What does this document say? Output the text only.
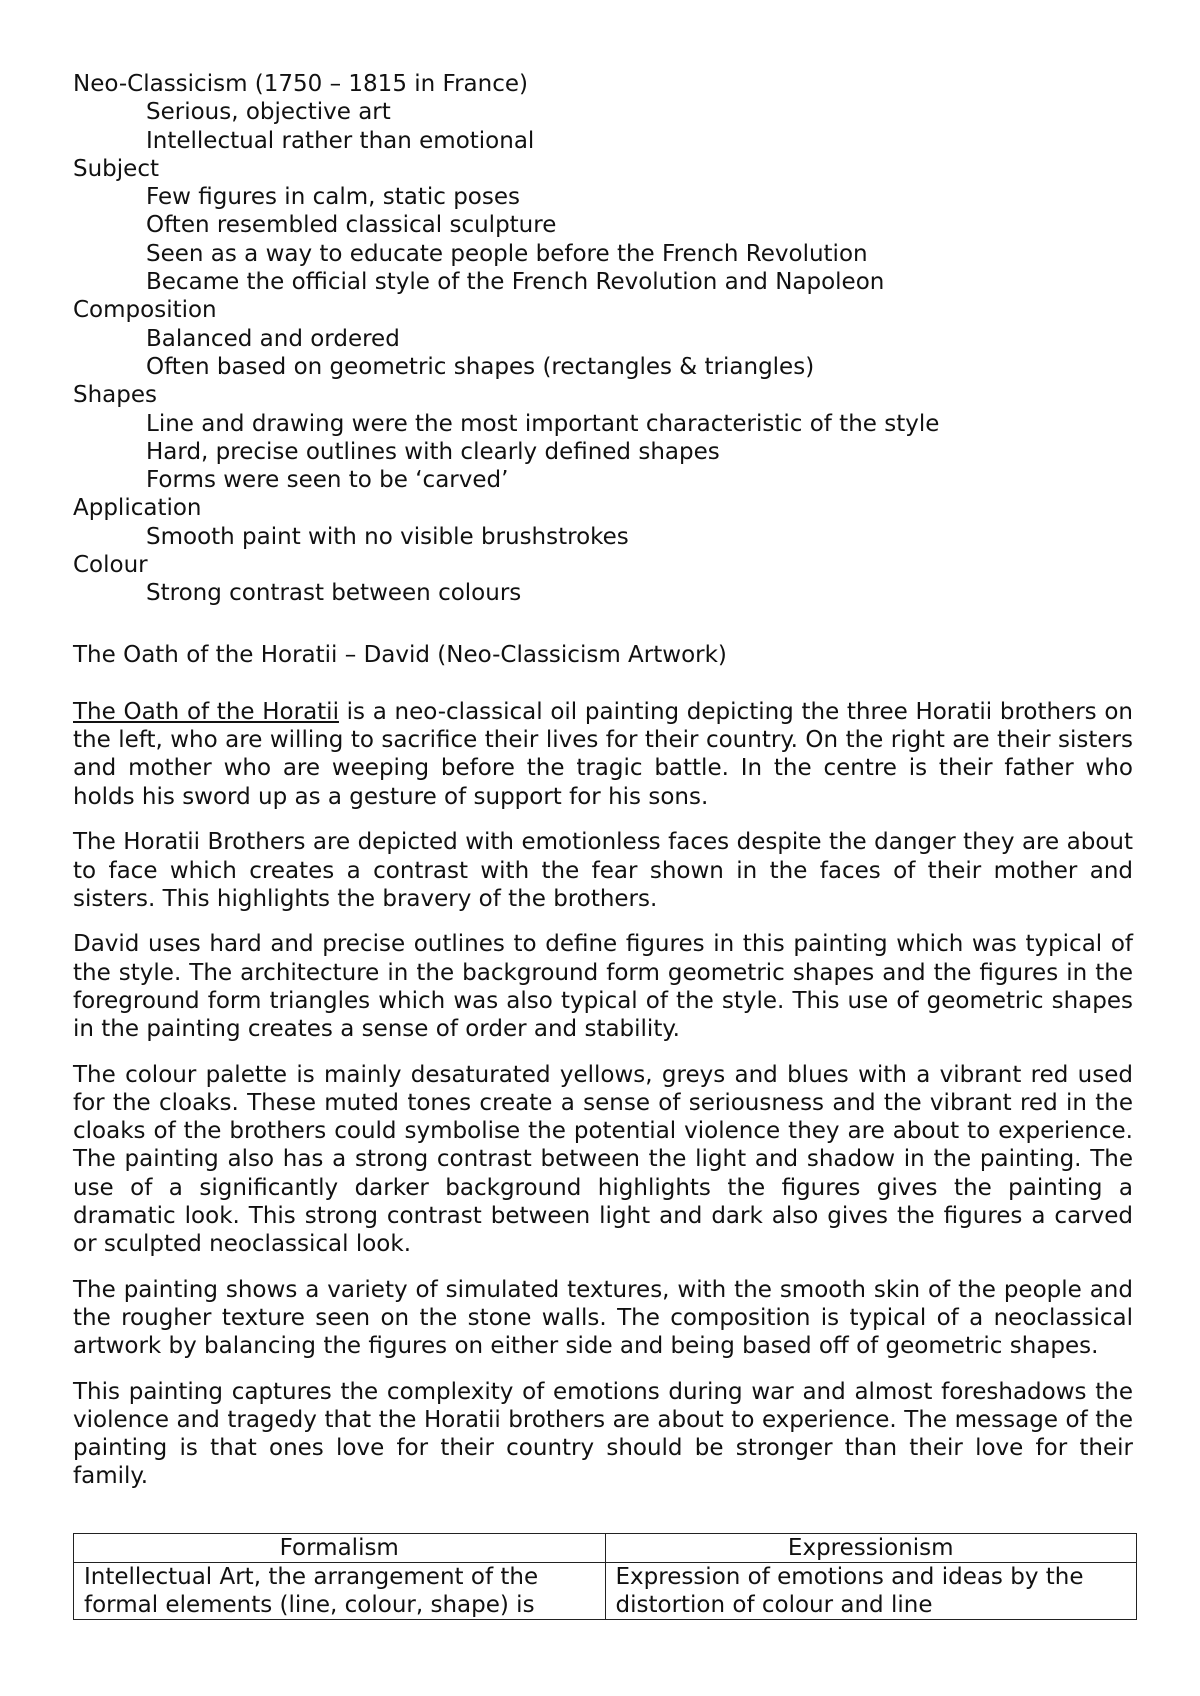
Neo-Classicism (1750 – 1815 in France)
Serious, objective art
Intellectual rather than emotional
Subject
Few figures in calm, static poses
Often resembled classical sculpture
Seen as a way to educate people before the French Revolution
Became the official style of the French Revolution and Napoleon
Composition
Balanced and ordered
Often based on geometric shapes (rectangles & triangles)
Shapes
Line and drawing were the most important characteristic of the style
Hard, precise outlines with clearly defined shapes
Forms were seen to be ‘carved’
Application
Smooth paint with no visible brushstrokes
Colour
Strong contrast between colours
The Oath of the Horatii – David (Neo-Classicism Artwork)

The Oath of the Horatii is a neo-classical oil painting depicting the three Horatii brothers on the left, who are willing to sacrifice their lives for their country. On the right are their sisters and mother who are weeping before the tragic battle. In the centre is their father who holds his sword up as a gesture of support for his sons.

The Horatii Brothers are depicted with emotionless faces despite the danger they are about to face which creates a contrast with the fear shown in the faces of their mother and sisters. This highlights the bravery of the brothers.

David uses hard and precise outlines to define figures in this painting which was typical of the style. The architecture in the background form geometric shapes and the figures in the foreground form triangles which was also typical of the style. This use of geometric shapes in the painting creates a sense of order and stability.

The colour palette is mainly desaturated yellows, greys and blues with a vibrant red used for the cloaks. These muted tones create a sense of seriousness and the vibrant red in the cloaks of the brothers could symbolise the potential violence they are about to experience. The painting also has a strong contrast between the light and shadow in the painting. The use of a significantly darker background highlights the figures gives the painting a dramatic look. This strong contrast between light and dark also gives the figures a carved or sculpted neoclassical look.

The painting shows a variety of simulated textures, with the smooth skin of the people and the rougher texture seen on the stone walls. The composition is typical of a neoclassical artwork by balancing the figures on either side and being based off of geometric shapes.

This painting captures the complexity of emotions during war and almost foreshadows the violence and tragedy that the Horatii brothers are about to experience. The message of the painting is that ones love for their country should be stronger than their love for their family.

Formalism	Expressionism
Intellectual Art, the arrangement of the formal elements (line, colour, shape) is	Expression of emotions and ideas by the distortion of colour and line
